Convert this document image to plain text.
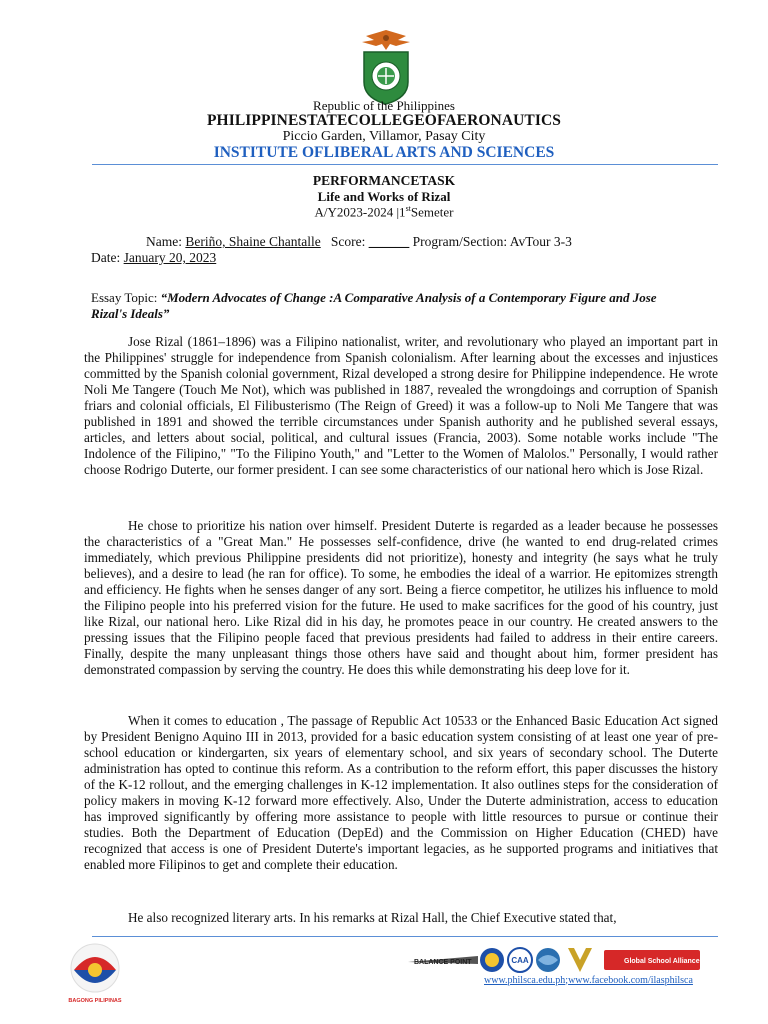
Republic of the Philippines
PHILIPPINESTATECOLLEGEOFAERONAUTICS
Piccio Garden, Villamor, Pasay City
INSTITUTE OFLIBERAL ARTS AND SCIENCES
PERFORMANCETASK
Life and Works of Rizal
A/Y2023-2024 |1stSemeter
Name: Beriño, Shaine Chantalle Score: ______ Program/Section: AvTour 3-3
Date: January 20, 2023
Essay Topic: “Modern Advocates of Change :A Comparative Analysis of a Contemporary Figure and Jose Rizal's Ideals”

Jose Rizal (1861–1896) was a Filipino nationalist, writer, and revolutionary who played an important part in the Philippines' struggle for independence from Spanish colonialism. After learning about the excesses and injustices committed by the Spanish colonial government, Rizal developed a strong desire for Philippine independence. He wrote Noli Me Tangere (Touch Me Not), which was published in 1887, revealed the wrongdoings and corruption of Spanish friars and colonial officials, El Filibusterismo (The Reign of Greed) it was a follow-up to Noli Me Tangere that was published in 1891 and showed the terrible circumstances under Spanish authority and he published several essays, articles, and letters about social, political, and cultural issues (Francia, 2003). Some notable works include "The Indolence of the Filipino," "To the Filipino Youth," and "Letter to the Women of Malolos." Personally, I would rather choose Rodrigo Duterte, our former president. I can see some characteristics of our national hero which is Jose Rizal.

He chose to prioritize his nation over himself. President Duterte is regarded as a leader because he possesses the characteristics of a "Great Man." He possesses self-confidence, drive (he wanted to end drug-related crimes immediately, which previous Philippine presidents did not prioritize), honesty and integrity (he says what he truly believes), and a desire to lead (he ran for office). To some, he embodies the ideal of a warrior. He epitomizes strength and efficiency. He fights when he senses danger of any sort. Being a fierce competitor, he utilizes his influence to mold the Filipino people into his preferred vision for the future. He used to make sacrifices for the good of his country, just like Rizal, our national hero. Like Rizal did in his day, he promotes peace in our country. He created answers to the pressing issues that the Filipino people faced that previous presidents had failed to address in their entire careers. Finally, despite the many unpleasant things those others have said and thought about him, former president has demonstrated compassion by serving the country. He does this while demonstrating his deep love for it.

When it comes to education , The passage of Republic Act 10533 or the Enhanced Basic Education Act signed by President Benigno Aquino III in 2013, provided for a basic education system consisting of at least one year of pre-school education or kindergarten, six years of elementary school, and six years of secondary school. The Duterte administration has opted to continue this reform. As a contribution to the reform effort, this paper discusses the history of the K-12 rollout, and the emerging challenges in K-12 implementation. It also outlines steps for the consideration of policy makers in moving K-12 forward more effectively. Also, Under the Duterte administration, access to education has improved significantly by offering more assistance to people with little resources to pursue or continue their studies. Both the Department of Education (DepEd) and the Commission on Higher Education (CHED) have recognized that access is one of President Duterte's important legacies, as he supported programs and initiatives that enabled more Filipinos to get and complete their education.

He also recognized literary arts. In his remarks at Rizal Hall, the Chief Executive stated that,

BAGONG PILIPINAS
BALANCE POINT	CAA	Global School Alliance
www.philsca.edu.ph;www.facebook.com/ilasphilsca
